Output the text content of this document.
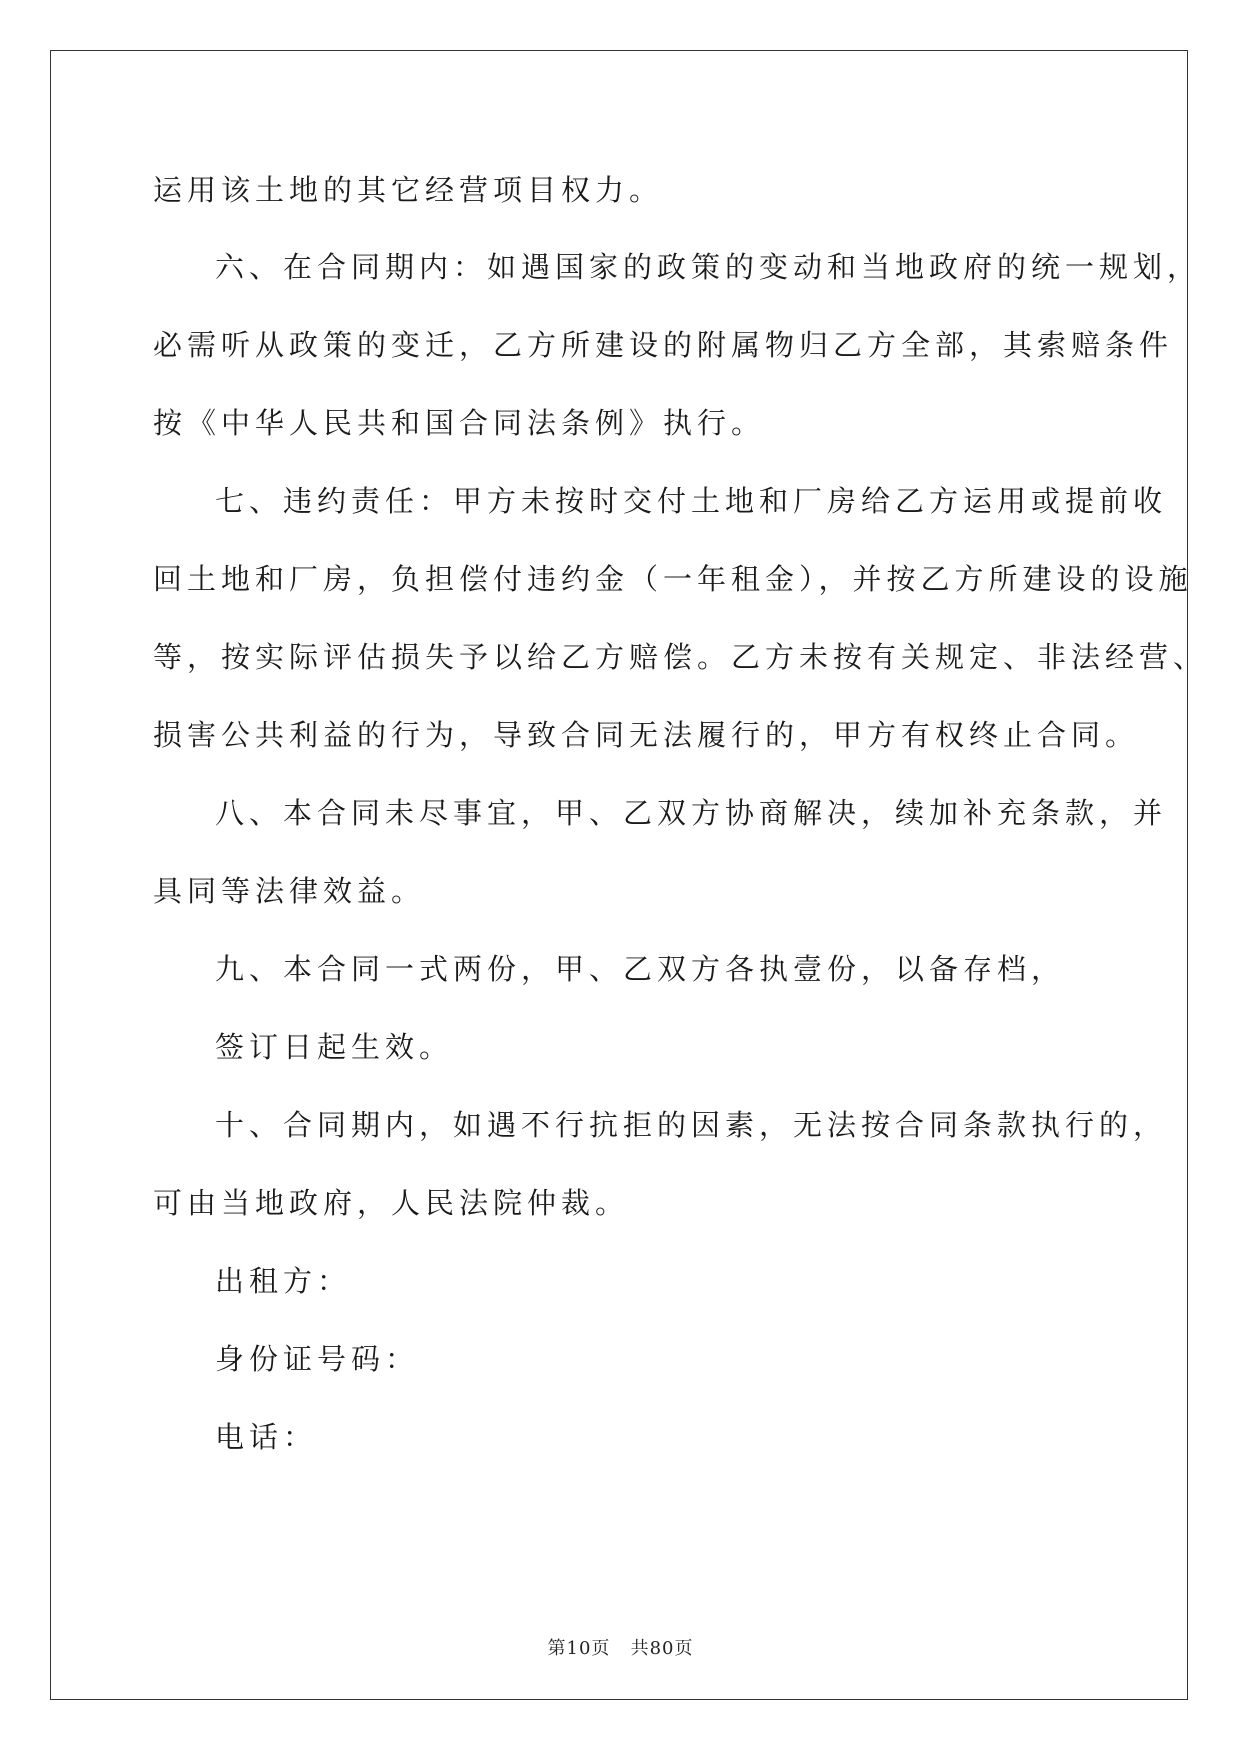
运用该土地的其它经营项目权力。
六、在合同期内：如遇国家的政策的变动和当地政府的统一规划，
必需听从政策的变迁，乙方所建设的附属物归乙方全部，其索赔条件
按《中华人民共和国合同法条例》执行。
七、违约责任：甲方未按时交付土地和厂房给乙方运用或提前收
回土地和厂房，负担偿付违约金（一年租金），并按乙方所建设的设施
等，按实际评估损失予以给乙方赔偿。乙方未按有关规定、非法经营、
损害公共利益的行为，导致合同无法履行的，甲方有权终止合同。
八、本合同未尽事宜，甲、乙双方协商解决，续加补充条款，并
具同等法律效益。
九、本合同一式两份，甲、乙双方各执壹份，以备存档，
签订日起生效。
十、合同期内，如遇不行抗拒的因素，无法按合同条款执行的，
可由当地政府，人民法院仲裁。
出租方：
身份证号码：
电话：
第10页   共80页
